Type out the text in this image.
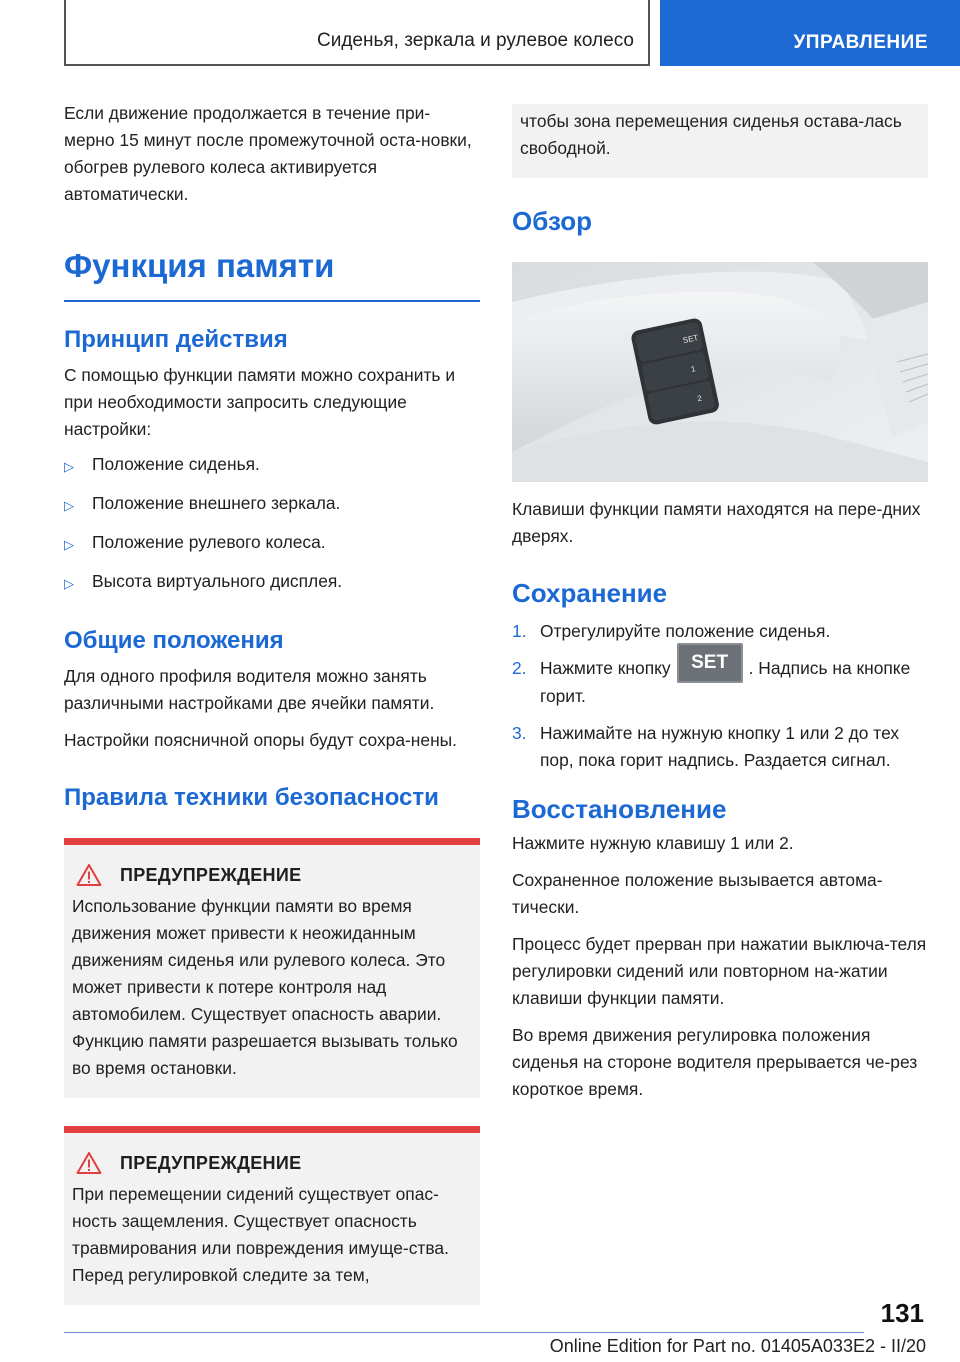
Сиденья, зеркала и рулевое колесо	УПРАВЛЕНИЕ

Если движение продолжается в течение при-мерно 15 минут после промежуточной оста-новки, обогрев рулевого колеса активируется автоматически.

Функция памяти
Принцип действия

С помощью функции памяти можно сохранить и при необходимости запросить следующие настройки:

▷	Положение сиденья.
▷	Положение внешнего зеркала.
▷	Положение рулевого колеса.
▷	Высота виртуального дисплея.
Общие положения

Для одного профиля водителя можно занять различными настройками две ячейки памяти.

Настройки поясничной опоры будут сохра-нены.

Правила техники безопасности
ПРЕДУПРЕЖДЕНИЕ

Использование функции памяти во время движения может привести к неожиданным движениям сиденья или рулевого колеса. Это может привести к потере контроля над автомобилем. Существует опасность аварии. Функцию памяти разрешается вызывать только во время остановки.

ПРЕДУПРЕЖДЕНИЕ

При перемещении сидений существует опас-ность защемления. Существует опасность травмирования или повреждения имуще-ства. Перед регулировкой следите за тем,

чтобы зона перемещения сиденья остава-лась свободной.

Обзор
SET
1
2

Клавиши функции памяти находятся на пере-дних дверях.

Сохранение
1. Отрегулируйте положение сиденья.
2. Нажмите кнопку SET . Надпись на кнопке горит.
3. Нажимайте на нужную кнопку 1 или 2 до тех пор, пока горит надпись. Раздается сигнал.
Восстановление

Нажмите нужную клавишу 1 или 2.

Сохраненное положение вызывается автома-тически.

Процесс будет прерван при нажатии выключа-теля регулировки сидений или повторном на-жатии клавиши функции памяти.

Во время движения регулировка положения сиденья на стороне водителя прерывается че-рез короткое время.

131
Online Edition for Part no. 01405A033E2 - II/20
